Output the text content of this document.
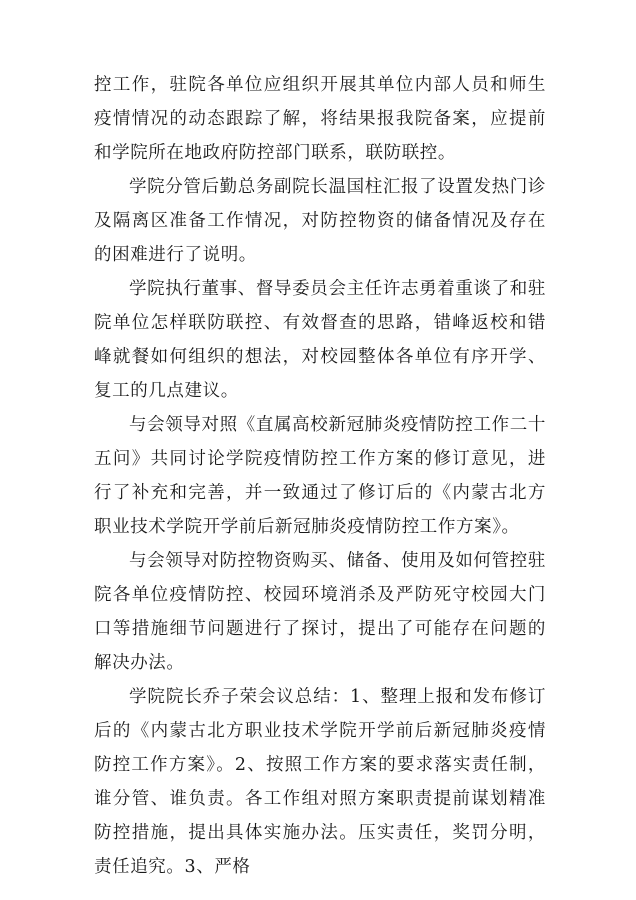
控工作，驻院各单位应组织开展其单位内部人员和师生疫情情况的动态跟踪了解，将结果报我院备案，应提前和学院所在地政府防控部门联系，联防联控。

学院分管后勤总务副院长温国柱汇报了设置发热门诊及隔离区准备工作情况，对防控物资的储备情况及存在的困难进行了说明。

学院执行董事、督导委员会主任许志勇着重谈了和驻院单位怎样联防联控、有效督查的思路，错峰返校和错峰就餐如何组织的想法，对校园整体各单位有序开学、复工的几点建议。

与会领导对照《直属高校新冠肺炎疫情防控工作二十五问》共同讨论学院疫情防控工作方案的修订意见，进行了补充和完善，并一致通过了修订后的《内蒙古北方职业技术学院开学前后新冠肺炎疫情防控工作方案》。

与会领导对防控物资购买、储备、使用及如何管控驻院各单位疫情防控、校园环境消杀及严防死守校园大门口等措施细节问题进行了探讨，提出了可能存在问题的解决办法。

学院院长乔子荣会议总结：1、整理上报和发布修订后的《内蒙古北方职业技术学院开学前后新冠肺炎疫情防控工作方案》。2、按照工作方案的要求落实责任制，谁分管、谁负责。各工作组对照方案职责提前谋划精准防控措施，提出具体实施办法。压实责任，奖罚分明，责任追究。3、严格
